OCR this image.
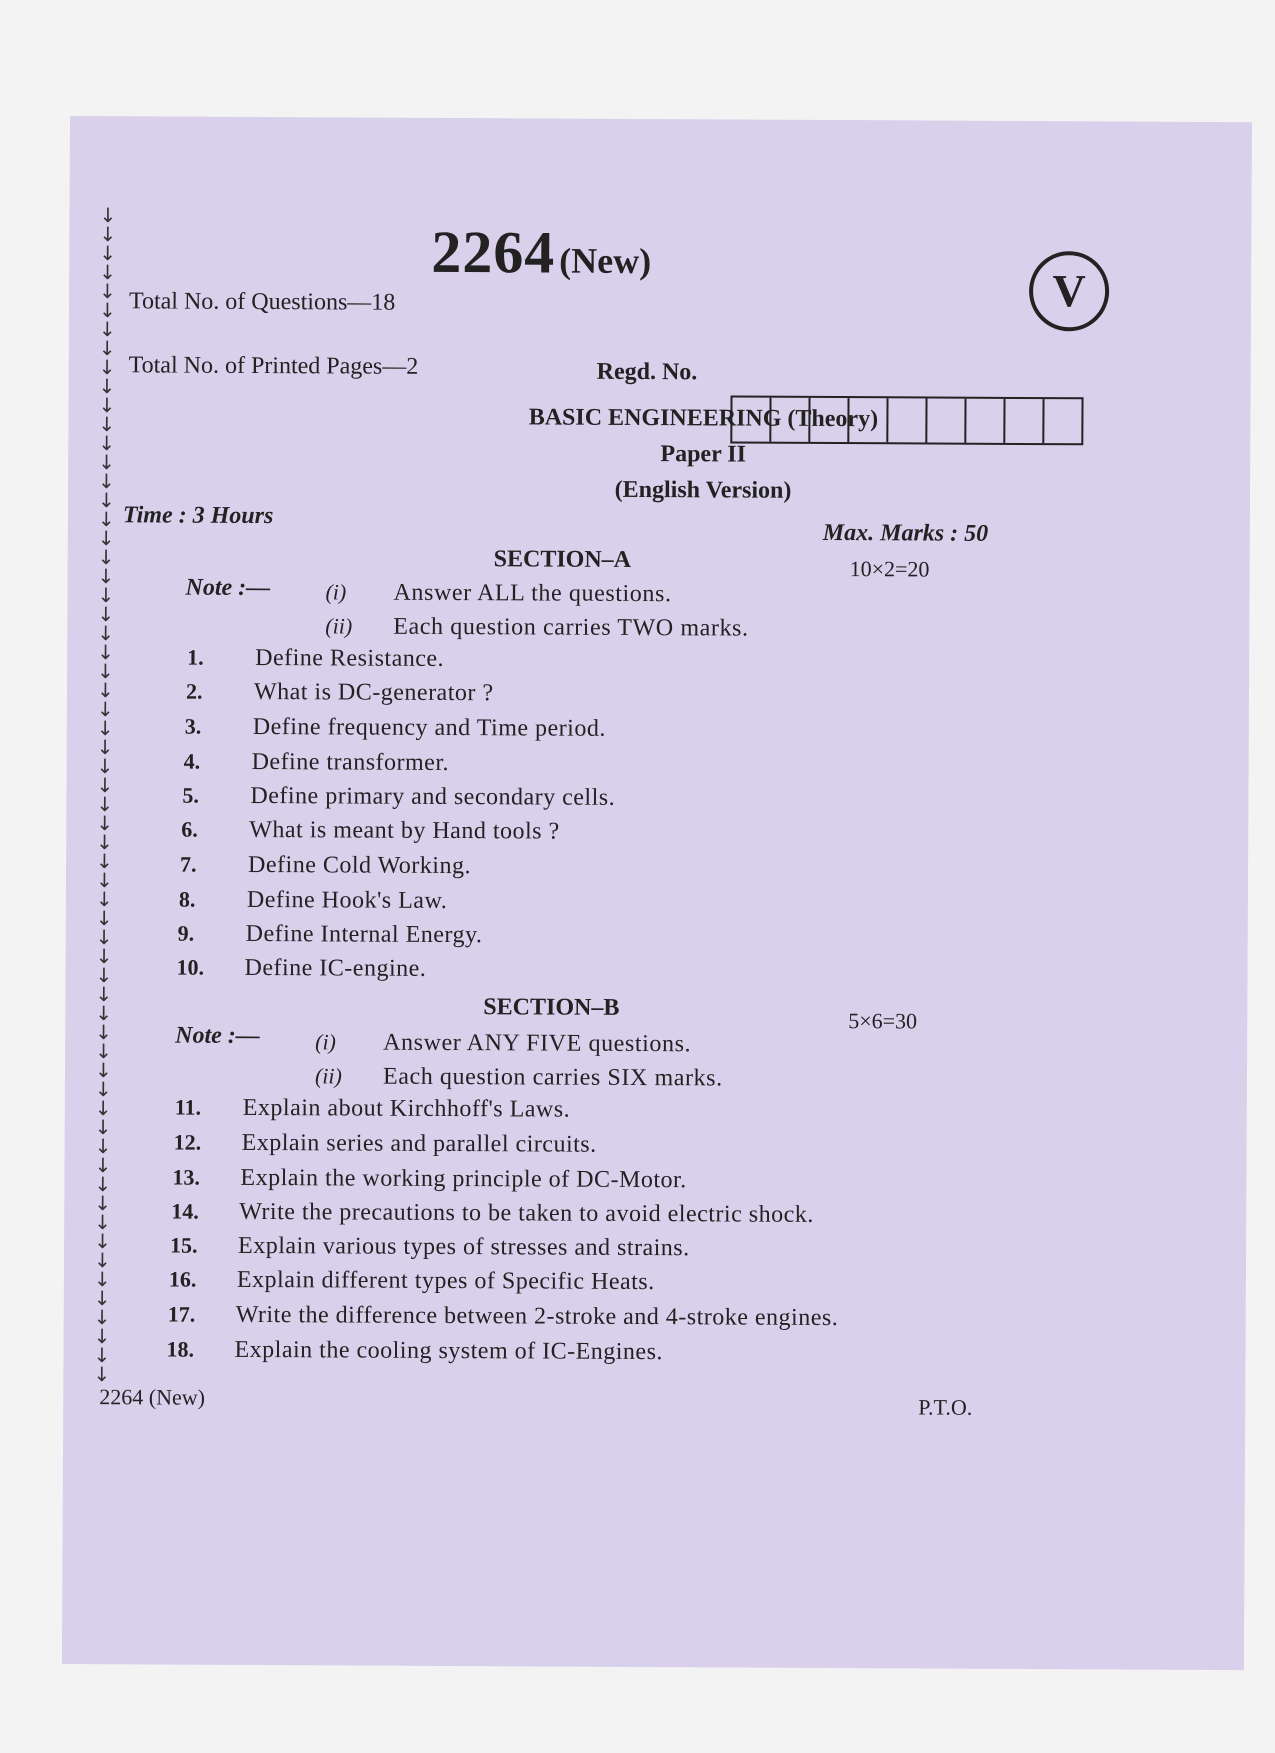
↓
↓
↓
↓
↓
↓
↓
↓
↓
↓
↓
↓
↓
↓
↓
↓
↓
↓
↓
↓
↓
↓
↓
↓
↓
↓
↓
↓
↓
↓
↓
↓
↓
↓
↓
↓
↓
↓
↓
↓
↓
↓
↓
↓
↓
↓
↓
↓
↓
↓
↓
↓
↓
↓
↓
↓
↓
↓
↓
↓
↓
↓
2264 (New)
V
Total No. of Questions—18
Total No. of Printed Pages—2	Regd. No.
BASIC ENGINEERING (Theory)
Paper II
(English Version)
Time : 3 Hours
Max. Marks : 50
SECTION–A	10×2=20
Note :—	(i) Answer ALL the questions.
(ii) Each question carries TWO marks.
1. Define Resistance.
2. What is DC-generator ?
3. Define frequency and Time period.
4. Define transformer.
5. Define primary and secondary cells.
6. What is meant by Hand tools ?
7. Define Cold Working.
8. Define Hook's Law.
9. Define Internal Energy.
10. Define IC-engine.
SECTION–B	5×6=30
Note :—	(i) Answer ANY FIVE questions.
(ii) Each question carries SIX marks.
11. Explain about Kirchhoff's Laws.
12. Explain series and parallel circuits.
13. Explain the working principle of DC-Motor.
14. Write the precautions to be taken to avoid electric shock.
15. Explain various types of stresses and strains.
16. Explain different types of Specific Heats.
17. Write the difference between 2-stroke and 4-stroke engines.
18. Explain the cooling system of IC-Engines.
2264 (New)	P.T.O.
